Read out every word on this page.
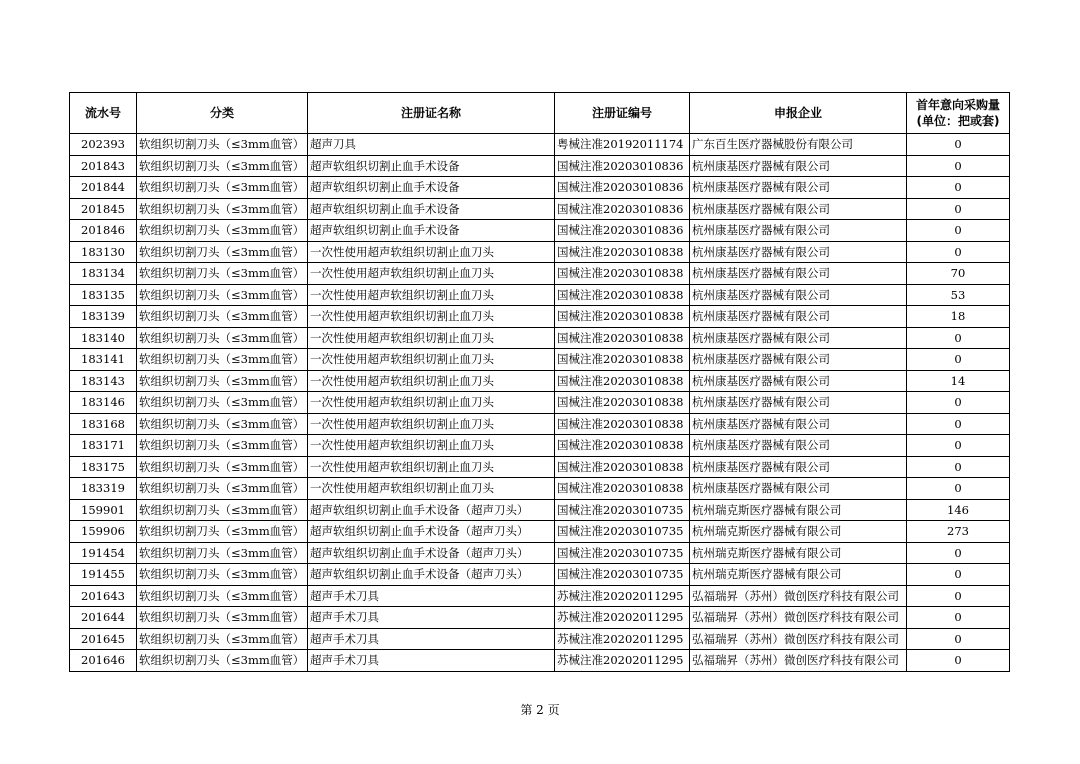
流水号	分类	注册证名称	注册证编号	申报企业	首年意向采购量
(单位：把或套)
202393	软组织切割刀头（≤3mm血管）	超声刀具	粤械注准20192011174	广东百生医疗器械股份有限公司	0
201843	软组织切割刀头（≤3mm血管）	超声软组织切割止血手术设备	国械注准20203010836	杭州康基医疗器械有限公司	0
201844	软组织切割刀头（≤3mm血管）	超声软组织切割止血手术设备	国械注准20203010836	杭州康基医疗器械有限公司	0
201845	软组织切割刀头（≤3mm血管）	超声软组织切割止血手术设备	国械注准20203010836	杭州康基医疗器械有限公司	0
201846	软组织切割刀头（≤3mm血管）	超声软组织切割止血手术设备	国械注准20203010836	杭州康基医疗器械有限公司	0
183130	软组织切割刀头（≤3mm血管）	一次性使用超声软组织切割止血刀头	国械注准20203010838	杭州康基医疗器械有限公司	0
183134	软组织切割刀头（≤3mm血管）	一次性使用超声软组织切割止血刀头	国械注准20203010838	杭州康基医疗器械有限公司	70
183135	软组织切割刀头（≤3mm血管）	一次性使用超声软组织切割止血刀头	国械注准20203010838	杭州康基医疗器械有限公司	53
183139	软组织切割刀头（≤3mm血管）	一次性使用超声软组织切割止血刀头	国械注准20203010838	杭州康基医疗器械有限公司	18
183140	软组织切割刀头（≤3mm血管）	一次性使用超声软组织切割止血刀头	国械注准20203010838	杭州康基医疗器械有限公司	0
183141	软组织切割刀头（≤3mm血管）	一次性使用超声软组织切割止血刀头	国械注准20203010838	杭州康基医疗器械有限公司	0
183143	软组织切割刀头（≤3mm血管）	一次性使用超声软组织切割止血刀头	国械注准20203010838	杭州康基医疗器械有限公司	14
183146	软组织切割刀头（≤3mm血管）	一次性使用超声软组织切割止血刀头	国械注准20203010838	杭州康基医疗器械有限公司	0
183168	软组织切割刀头（≤3mm血管）	一次性使用超声软组织切割止血刀头	国械注准20203010838	杭州康基医疗器械有限公司	0
183171	软组织切割刀头（≤3mm血管）	一次性使用超声软组织切割止血刀头	国械注准20203010838	杭州康基医疗器械有限公司	0
183175	软组织切割刀头（≤3mm血管）	一次性使用超声软组织切割止血刀头	国械注准20203010838	杭州康基医疗器械有限公司	0
183319	软组织切割刀头（≤3mm血管）	一次性使用超声软组织切割止血刀头	国械注准20203010838	杭州康基医疗器械有限公司	0
159901	软组织切割刀头（≤3mm血管）	超声软组织切割止血手术设备（超声刀头）	国械注准20203010735	杭州瑞克斯医疗器械有限公司	146
159906	软组织切割刀头（≤3mm血管）	超声软组织切割止血手术设备（超声刀头）	国械注准20203010735	杭州瑞克斯医疗器械有限公司	273
191454	软组织切割刀头（≤3mm血管）	超声软组织切割止血手术设备（超声刀头）	国械注准20203010735	杭州瑞克斯医疗器械有限公司	0
191455	软组织切割刀头（≤3mm血管）	超声软组织切割止血手术设备（超声刀头）	国械注准20203010735	杭州瑞克斯医疗器械有限公司	0
201643	软组织切割刀头（≤3mm血管）	超声手术刀具	苏械注准20202011295	弘福瑞昇（苏州）微创医疗科技有限公司	0
201644	软组织切割刀头（≤3mm血管）	超声手术刀具	苏械注准20202011295	弘福瑞昇（苏州）微创医疗科技有限公司	0
201645	软组织切割刀头（≤3mm血管）	超声手术刀具	苏械注准20202011295	弘福瑞昇（苏州）微创医疗科技有限公司	0
201646	软组织切割刀头（≤3mm血管）	超声手术刀具	苏械注准20202011295	弘福瑞昇（苏州）微创医疗科技有限公司	0
第 2 页
